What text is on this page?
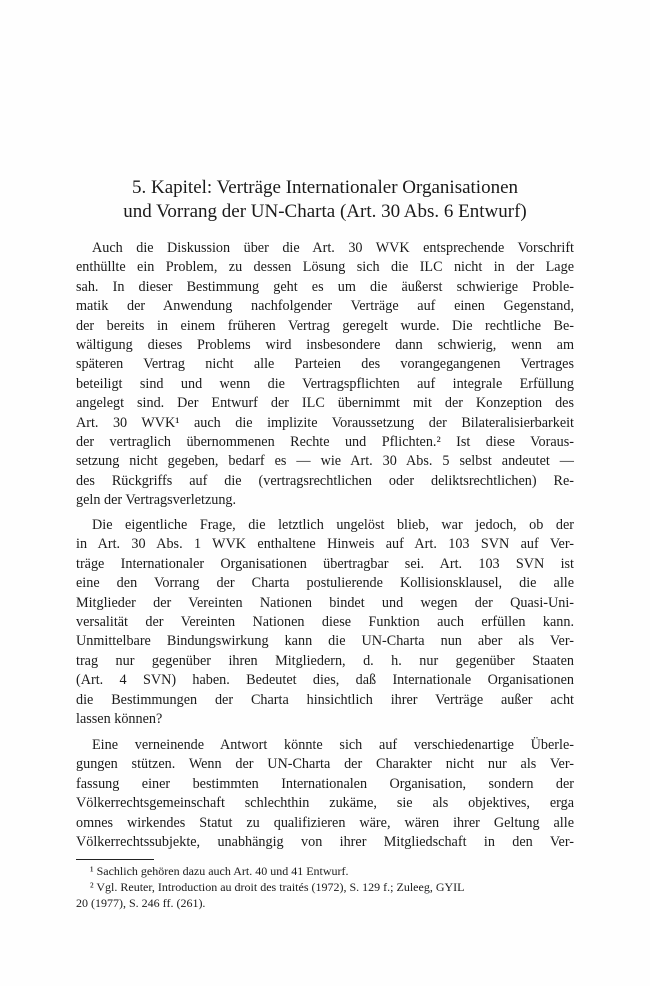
5. Kapitel: Verträge Internationaler Organisationen
und Vorrang der UN-Charta (Art. 30 Abs. 6 Entwurf)

Auch die Diskussion über die Art. 30 WVK entsprechende Vorschrift
enthüllte ein Problem, zu dessen Lösung sich die ILC nicht in der Lage
sah. In dieser Bestimmung geht es um die äußerst schwierige Proble-
matik der Anwendung nachfolgender Verträge auf einen Gegenstand,
der bereits in einem früheren Vertrag geregelt wurde. Die rechtliche Be-
wältigung dieses Problems wird insbesondere dann schwierig, wenn am
späteren Vertrag nicht alle Parteien des vorangegangenen Vertrages
beteiligt sind und wenn die Vertragspflichten auf integrale Erfüllung
angelegt sind. Der Entwurf der ILC übernimmt mit der Konzeption des
Art. 30 WVK¹ auch die implizite Voraussetzung der Bilateralisierbarkeit
der vertraglich übernommenen Rechte und Pflichten.² Ist diese Voraus-
setzung nicht gegeben, bedarf es — wie Art. 30 Abs. 5 selbst andeutet —
des Rückgriffs auf die (vertragsrechtlichen oder deliktsrechtlichen) Re-
geln der Vertragsverletzung.

Die eigentliche Frage, die letztlich ungelöst blieb, war jedoch, ob der
in Art. 30 Abs. 1 WVK enthaltene Hinweis auf Art. 103 SVN auf Ver-
träge Internationaler Organisationen übertragbar sei. Art. 103 SVN ist
eine den Vorrang der Charta postulierende Kollisionsklausel, die alle
Mitglieder der Vereinten Nationen bindet und wegen der Quasi-Uni-
versalität der Vereinten Nationen diese Funktion auch erfüllen kann.
Unmittelbare Bindungswirkung kann die UN-Charta nun aber als Ver-
trag nur gegenüber ihren Mitgliedern, d. h. nur gegenüber Staaten
(Art. 4 SVN) haben. Bedeutet dies, daß Internationale Organisationen
die Bestimmungen der Charta hinsichtlich ihrer Verträge außer acht
lassen können?

Eine verneinende Antwort könnte sich auf verschiedenartige Überle-
gungen stützen. Wenn der UN-Charta der Charakter nicht nur als Ver-
fassung einer bestimmten Internationalen Organisation, sondern der
Völkerrechtsgemeinschaft schlechthin zukäme, sie als objektives, erga
omnes wirkendes Statut zu qualifizieren wäre, wären ihrer Geltung alle
Völkerrechtssubjekte, unabhängig von ihrer Mitgliedschaft in den Ver-

¹ Sachlich gehören dazu auch Art. 40 und 41 Entwurf.
² Vgl. Reuter, Introduction au droit des traités (1972), S. 129 f.; Zuleeg, GYIL
20 (1977), S. 246 ff. (261).
